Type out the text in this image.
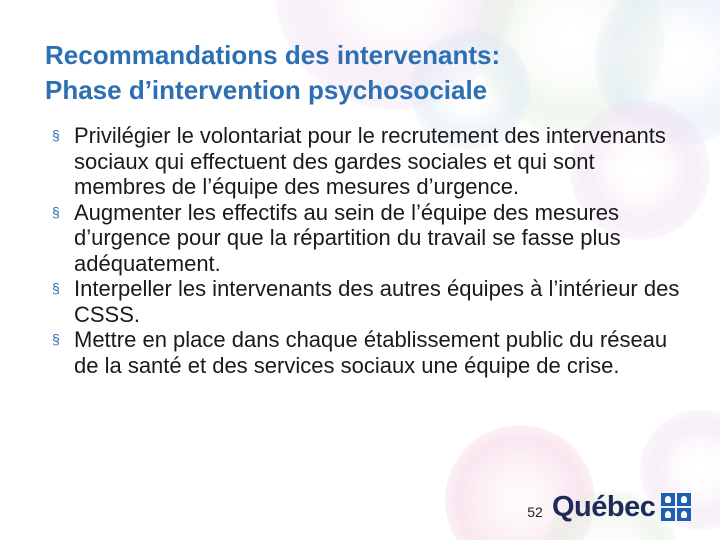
Recommandations des intervenants:
Phase d’intervention psychosociale
§ Privilégier le volontariat pour le recrutement des intervenants sociaux qui effectuent des gardes sociales et qui sont membres de l’équipe des mesures d’urgence.
§ Augmenter les effectifs au sein de l’équipe des mesures d’urgence pour que la répartition du travail se fasse plus adéquatement.
§ Interpeller les intervenants des autres équipes à l’intérieur des CSSS.
§ Mettre en place dans chaque établissement public du réseau de la santé et des services sociaux une équipe de crise.
52 Québec
